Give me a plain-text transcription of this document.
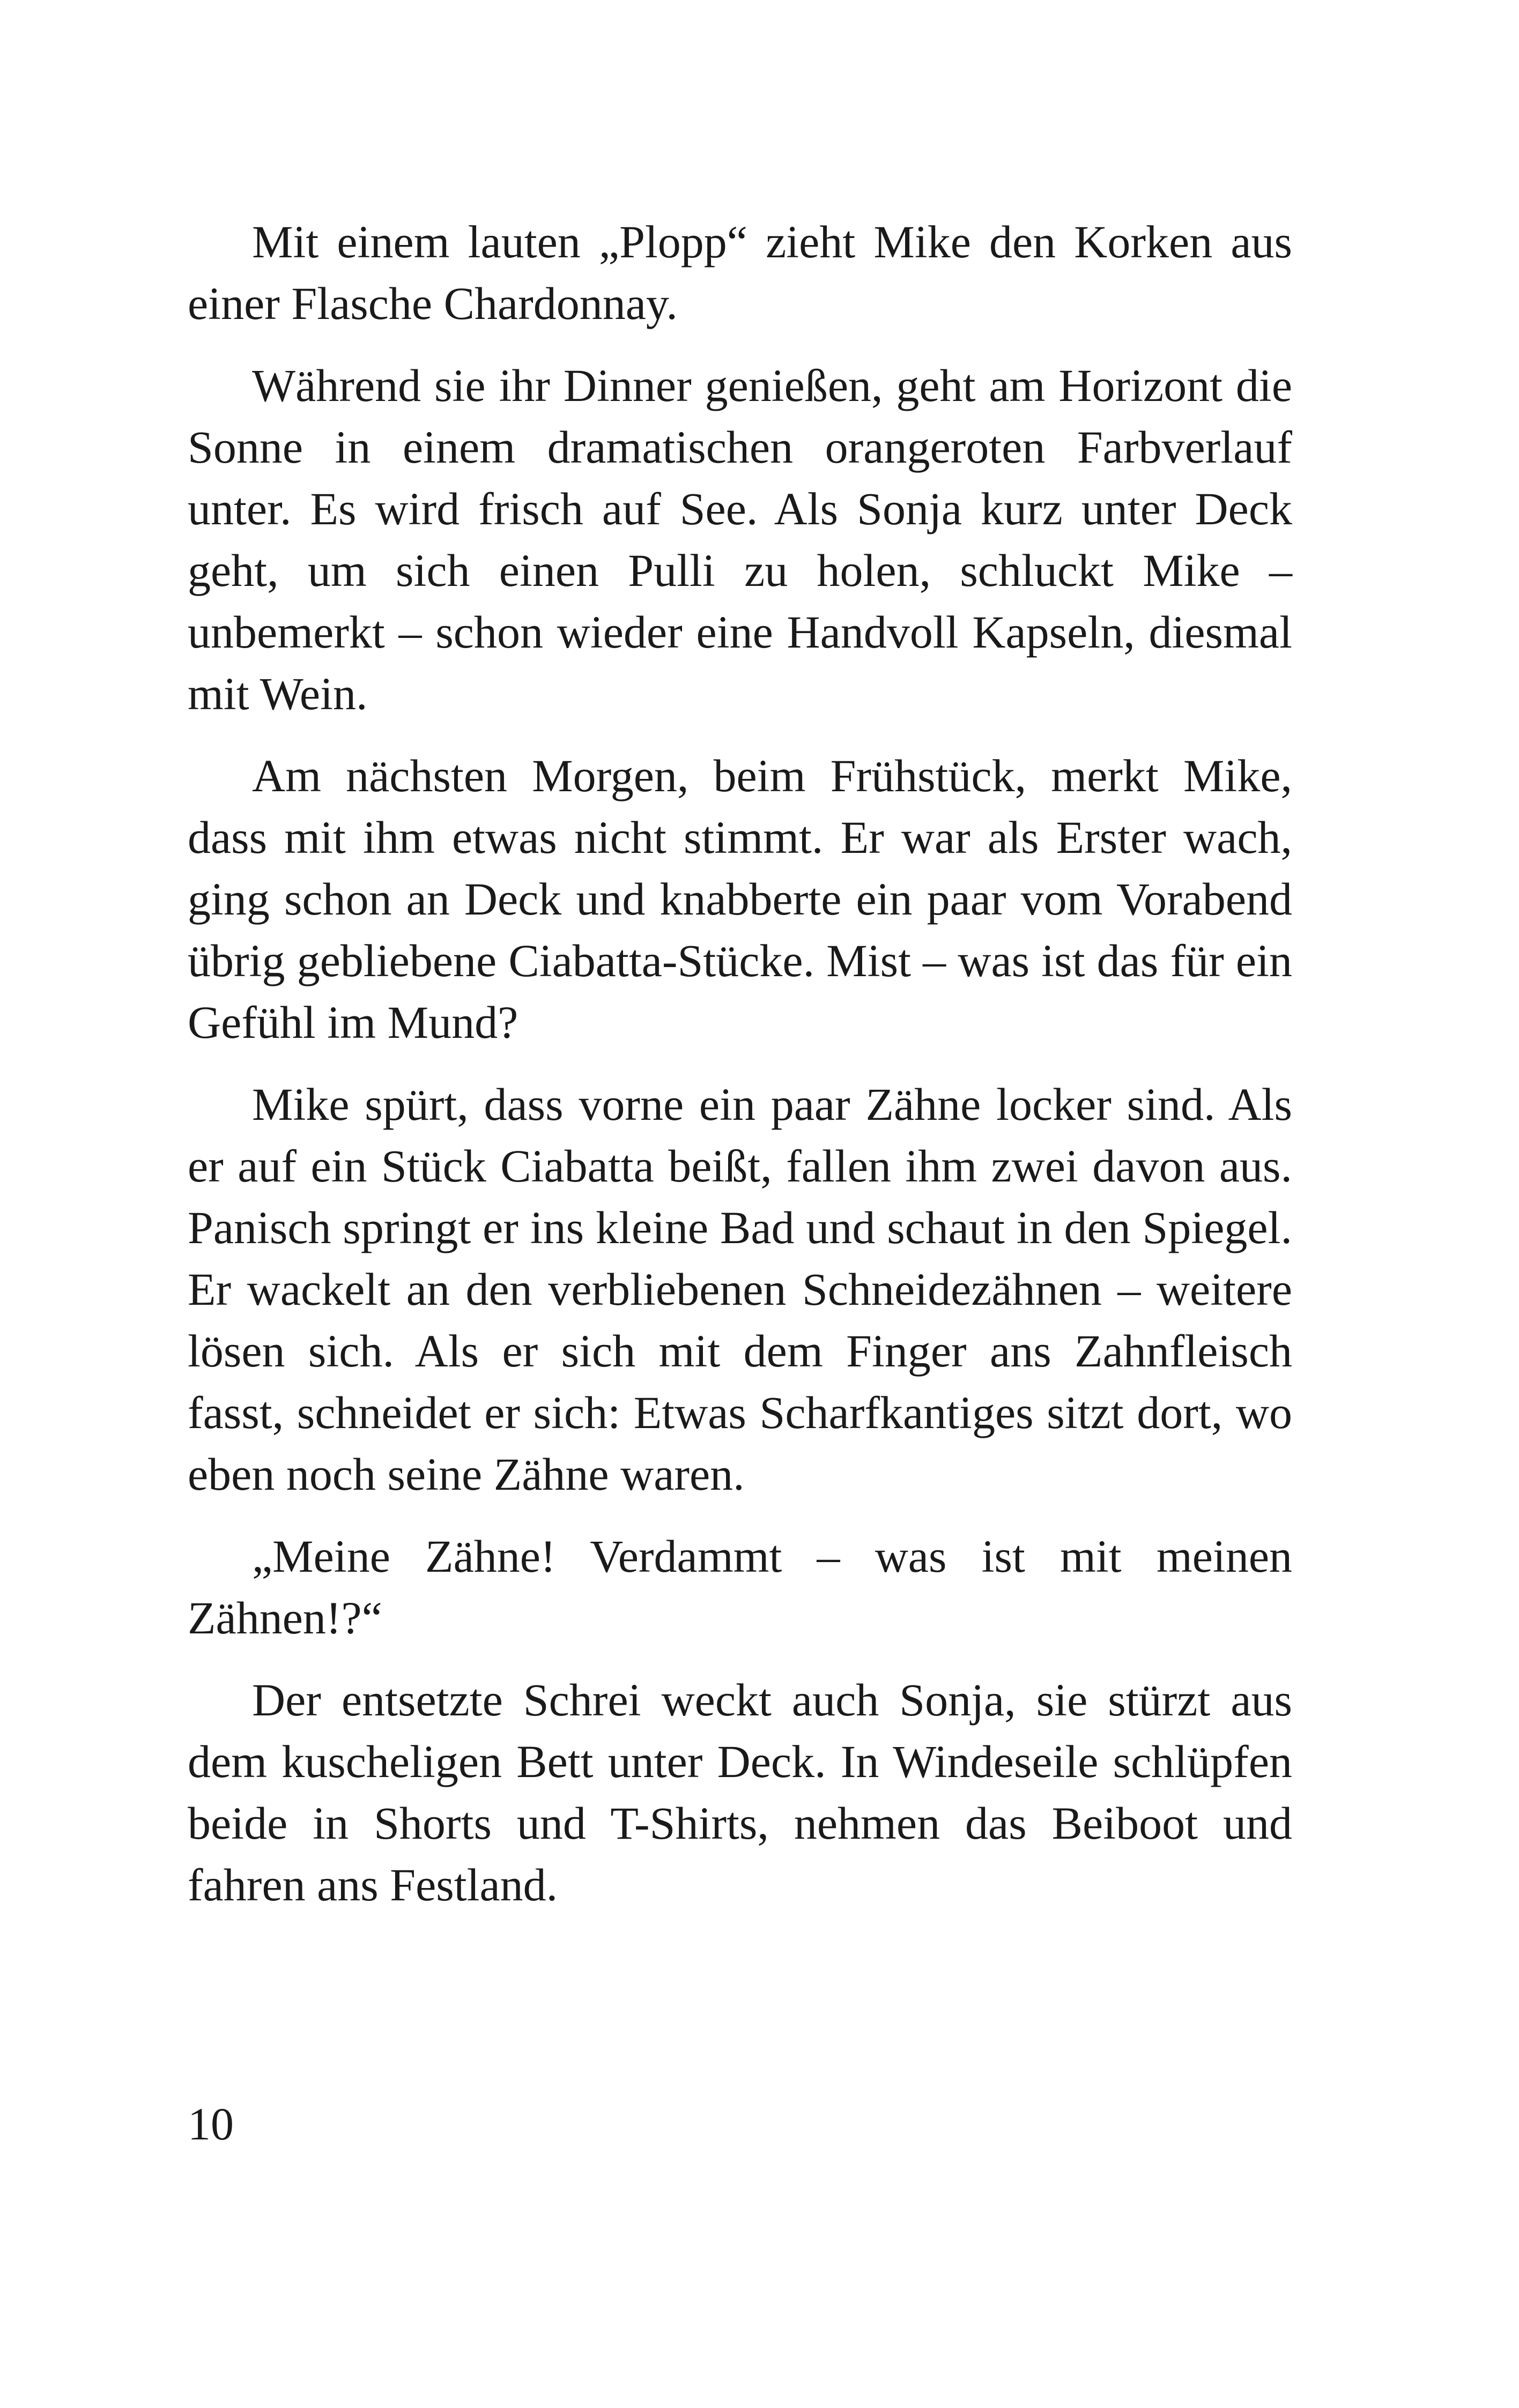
Mit einem lauten „Plopp“ zieht Mike den Korken aus einer Flasche Chardonnay.

Während sie ihr Dinner genießen, geht am Horizont die Sonne in einem dramatischen orangeroten Farbverlauf unter. Es wird frisch auf See. Als Sonja kurz unter Deck geht, um sich einen Pulli zu holen, schluckt Mike – unbemerkt – schon wieder eine Handvoll Kapseln, diesmal mit Wein.

Am nächsten Morgen, beim Frühstück, merkt Mike, dass mit ihm etwas nicht stimmt. Er war als Erster wach, ging schon an Deck und knabberte ein paar vom Vorabend übrig gebliebene Ciabatta-Stücke. Mist – was ist das für ein Gefühl im Mund?

Mike spürt, dass vorne ein paar Zähne locker sind. Als er auf ein Stück Ciabatta beißt, fallen ihm zwei davon aus. Panisch springt er ins kleine Bad und schaut in den Spiegel. Er wackelt an den verbliebenen Schneidezähnen – weitere lösen sich. Als er sich mit dem Finger ans Zahnfleisch fasst, schneidet er sich: Etwas Scharfkantiges sitzt dort, wo eben noch seine Zähne waren.

„Meine Zähne! Verdammt – was ist mit meinen Zähnen!?“

Der entsetzte Schrei weckt auch Sonja, sie stürzt aus dem kuscheligen Bett unter Deck. In Windeseile schlüpfen beide in Shorts und T-Shirts, nehmen das Beiboot und fahren ans Festland.

10
